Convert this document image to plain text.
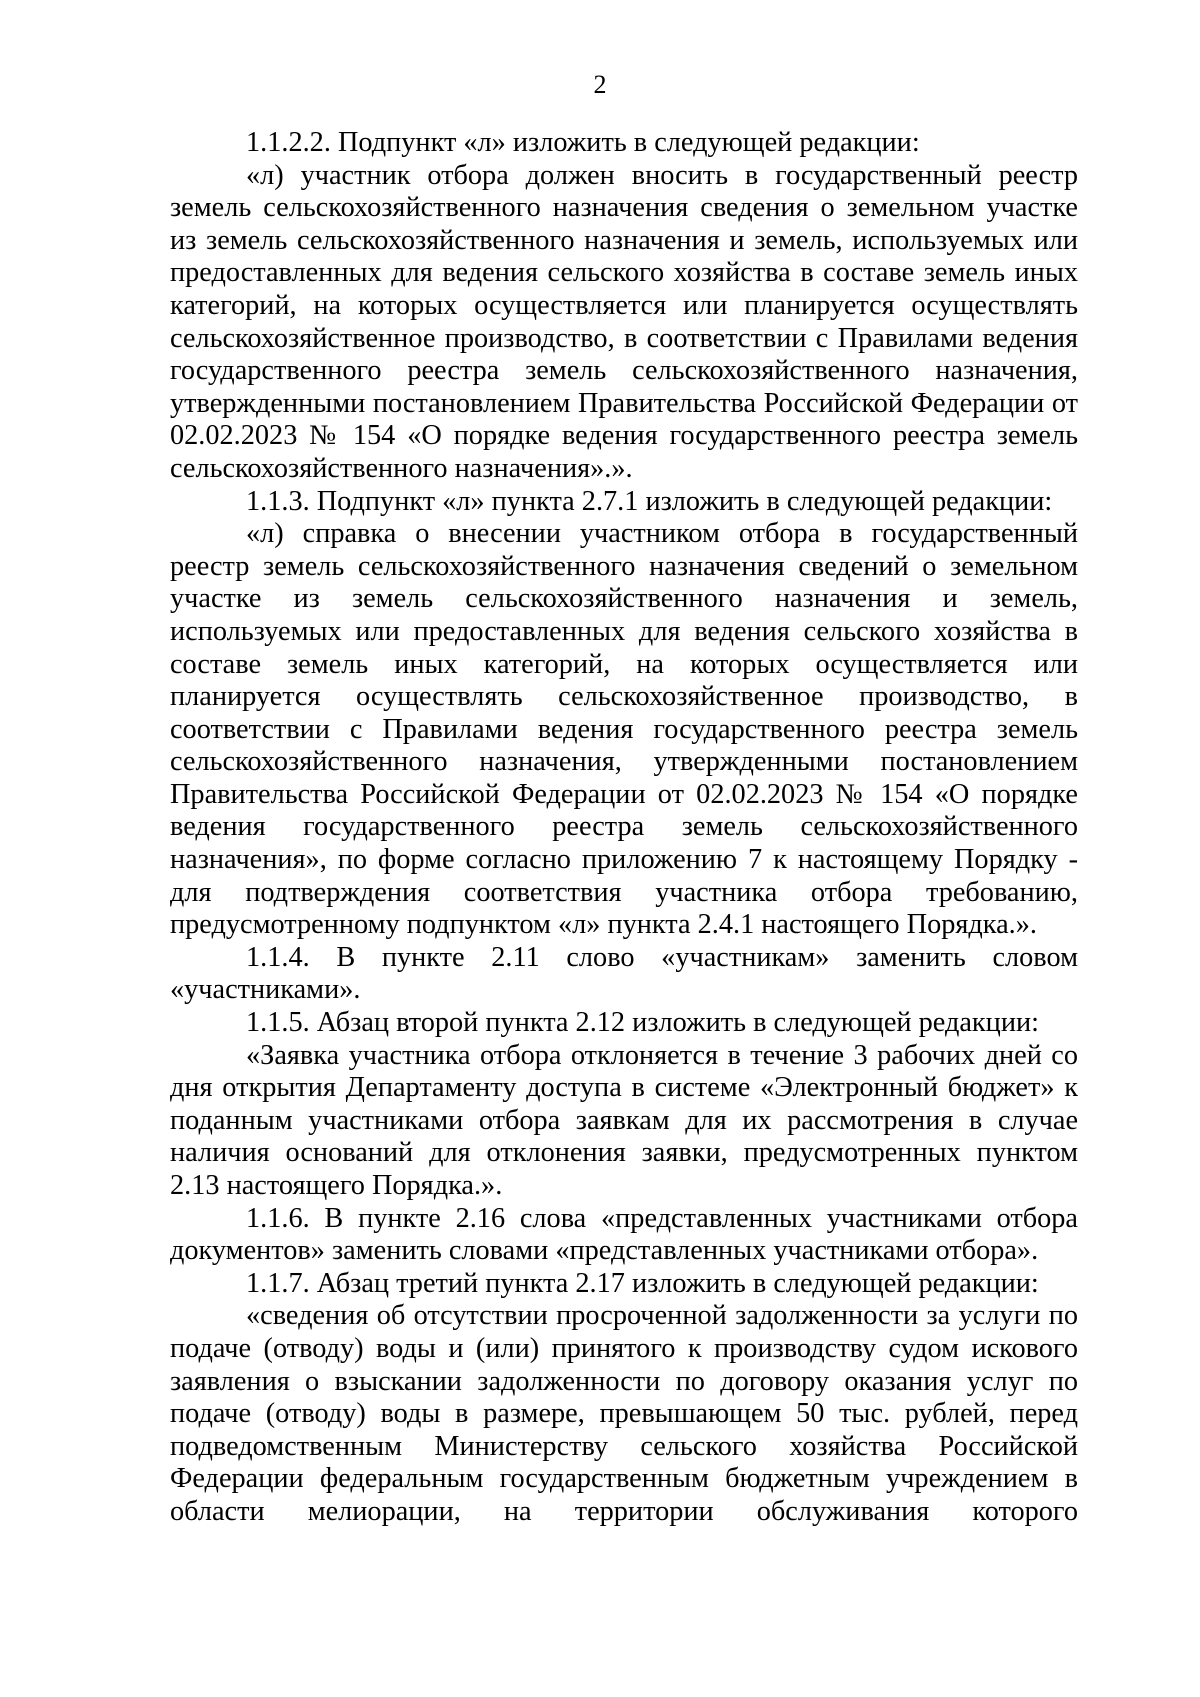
2

1.1.2.2. Подпункт «л» изложить в следующей редакции:

«л) участник отбора должен вносить в государственный реестр земель сельскохозяйственного назначения сведения о земельном участке из земель сельскохозяйственного назначения и земель, используемых или предоставленных для ведения сельского хозяйства в составе земель иных категорий, на которых осуществляется или планируется осуществлять сельскохозяйственное производство, в соответствии с Правилами ведения государственного реестра земель сельскохозяйственного назначения, утвержденными постановлением Правительства Российской Федерации от 02.02.2023 № 154 «О порядке ведения государственного реестра земель сельскохозяйственного назначения».».

1.1.3. Подпункт «л» пункта 2.7.1 изложить в следующей редакции:

«л) справка о внесении участником отбора в государственный реестр земель сельскохозяйственного назначения сведений о земельном участке из земель сельскохозяйственного назначения и земель, используемых или предоставленных для ведения сельского хозяйства в составе земель иных категорий, на которых осуществляется или планируется осуществлять сельскохозяйственное производство, в соответствии с Правилами ведения государственного реестра земель сельскохозяйственного назначения, утвержденными постановлением Правительства Российской Федерации от 02.02.2023 № 154 «О порядке ведения государственного реестра земель сельскохозяйственного назначения», по форме согласно приложению 7 к настоящему Порядку - для подтверждения соответствия участника отбора требованию, предусмотренному подпунктом «л» пункта 2.4.1 настоящего Порядка.».

1.1.4. В пункте 2.11 слово «участникам» заменить словом «участниками».

1.1.5. Абзац второй пункта 2.12 изложить в следующей редакции:

«Заявка участника отбора отклоняется в течение 3 рабочих дней со дня открытия Департаменту доступа в системе «Электронный бюджет» к поданным участниками отбора заявкам для их рассмотрения в случае наличия оснований для отклонения заявки, предусмотренных пунктом 2.13 настоящего Порядка.».

1.1.6. В пункте 2.16 слова «представленных участниками отбора документов» заменить словами «представленных участниками отбора».

1.1.7. Абзац третий пункта 2.17 изложить в следующей редакции:

«сведения об отсутствии просроченной задолженности за услуги по подаче (отводу) воды и (или) принятого к производству судом искового заявления о взыскании задолженности по договору оказания услуг по подаче (отводу) воды в размере, превышающем 50 тыс. рублей, перед подведомственным Министерству сельского хозяйства Российской Федерации федеральным государственным бюджетным учреждением в области мелиорации, на территории обслуживания которого
